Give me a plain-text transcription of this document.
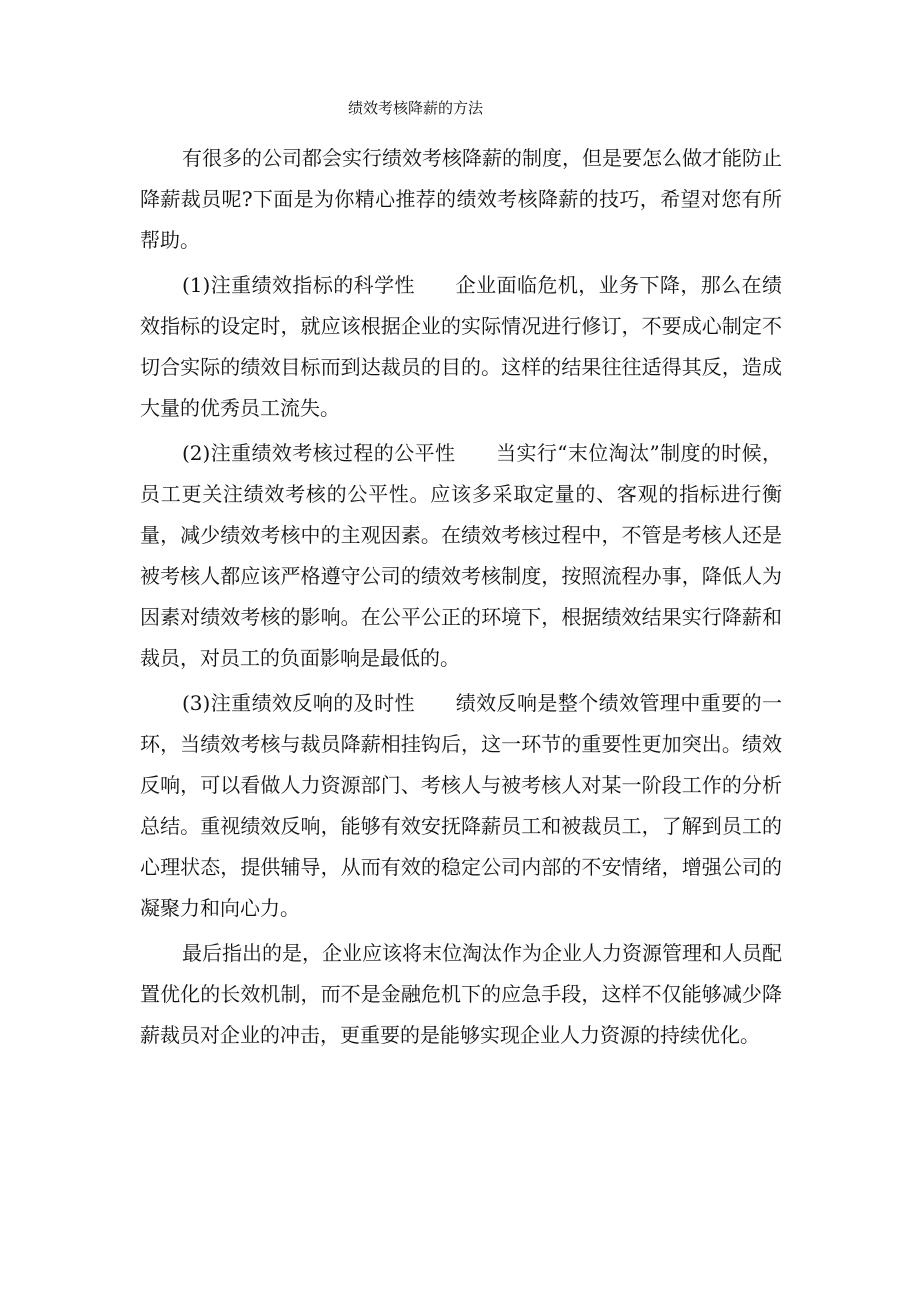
绩效考核降薪的方法

有很多的公司都会实行绩效考核降薪的制度，但是要怎么做才能防止降薪裁员呢?下面是为你精心推荐的绩效考核降薪的技巧，希望对您有所帮助。

(1)注重绩效指标的科学性　　企业面临危机，业务下降，那么在绩效指标的设定时，就应该根据企业的实际情况进行修订，不要成心制定不切合实际的绩效目标而到达裁员的目的。这样的结果往往适得其反，造成大量的优秀员工流失。

(2)注重绩效考核过程的公平性　　当实行“末位淘汰”制度的时候，员工更关注绩效考核的公平性。应该多采取定量的、客观的指标进行衡量，减少绩效考核中的主观因素。在绩效考核过程中，不管是考核人还是被考核人都应该严格遵守公司的绩效考核制度，按照流程办事，降低人为因素对绩效考核的影响。在公平公正的环境下，根据绩效结果实行降薪和裁员，对员工的负面影响是最低的。

(3)注重绩效反响的及时性　　绩效反响是整个绩效管理中重要的一环，当绩效考核与裁员降薪相挂钩后，这一环节的重要性更加突出。绩效反响，可以看做人力资源部门、考核人与被考核人对某一阶段工作的分析总结。重视绩效反响，能够有效安抚降薪员工和被裁员工，了解到员工的心理状态，提供辅导，从而有效的稳定公司内部的不安情绪，增强公司的凝聚力和向心力。

最后指出的是，企业应该将末位淘汰作为企业人力资源管理和人员配置优化的长效机制，而不是金融危机下的应急手段，这样不仅能够减少降薪裁员对企业的冲击，更重要的是能够实现企业人力资源的持续优化。
